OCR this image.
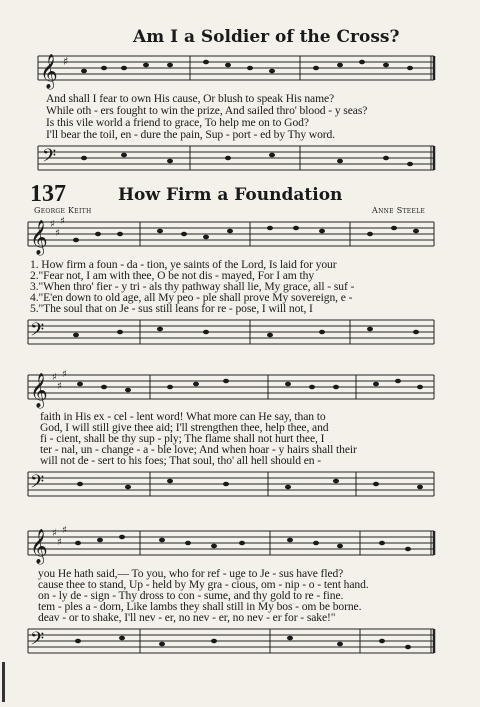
Am I a Soldier of the Cross?
𝄞 ♯
And shall I fear to own His cause, Or blush to speak His name?
While oth - ers fought to win the prize, And sailed thro' blood - y seas?
Is this vile world a friend to grace, To help me on to God?
I'll bear the toil, en - dure the pain, Sup - port - ed by Thy word.
𝄢
137	How Firm a Foundation
George Keith	Anne Steele
𝄞 ♯
♯
♯
1. How firm a foun - da - tion, ye saints of the Lord, Is laid for your
2."Fear not, I am with thee, O be not dis - mayed, For I am thy
3."When thro' fier - y tri - als thy pathway shall lie, My grace, all - suf -
4."E'en down to old age, all My peo - ple shall prove My sovereign, e -
5."The soul that on Je - sus still leans for re - pose, I will not, I
𝄢
𝄞 ♯
♯
♯
faith in His ex - cel - lent word! What more can He say, than to
God, I will still give thee aid; I'll strengthen thee, help thee, and
fi - cient, shall be thy sup - ply; The flame shall not hurt thee, I
ter - nal, un - change - a - ble love; And when hoar - y hairs shall their
will not de - sert to his foes; That soul, tho' all hell should en -
𝄢
𝄞 ♯
♯
♯
you He hath said,— To you, who for ref - uge to Je - sus have fled?
cause thee to stand, Up - held by My gra - cious, om - nip - o - tent hand.
on - ly de - sign - Thy dross to con - sume, and thy gold to re - fine.
tem - ples a - dorn, Like lambs they shall still in My bos - om be borne.
deav - or to shake, I'll nev - er, no nev - er, no nev - er for - sake!"
𝄢
